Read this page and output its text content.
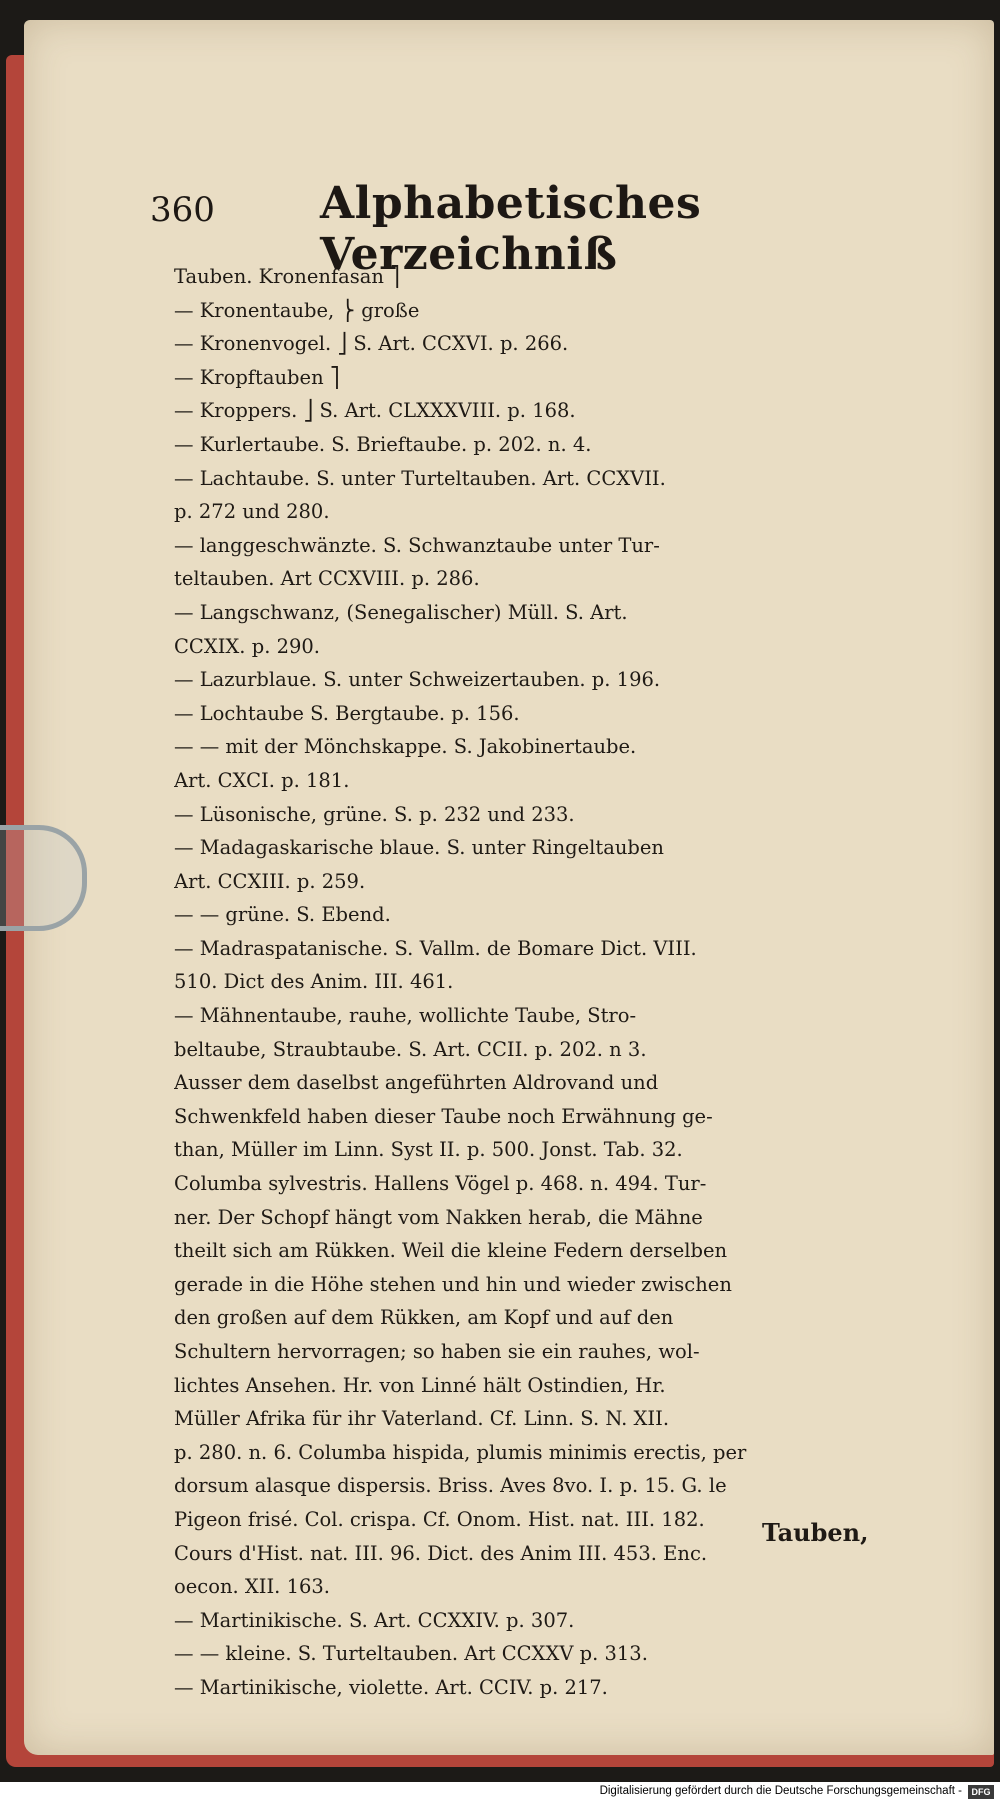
360 Alphabetisches Verzeichniß
Tauben. Kronenfasan ⎤
— Kronentaube, ⎬ große
— Kronenvogel. ⎦ S. Art. CCXVI. p. 266.
— Kropftauben ⎤
— Kroppers. ⎦ S. Art. CLXXXVIII. p. 168.
— Kurlertaube. S. Brieftaube. p. 202. n. 4.
— Lachtaube. S. unter Turteltauben. Art. CCXVII.
p. 272 und 280.
— langgeschwänzte. S. Schwanztaube unter Tur-
teltauben. Art CCXVIII. p. 286.
— Langschwanz, (Senegalischer) Müll. S. Art.
CCXIX. p. 290.
— Lazurblaue. S. unter Schweizertauben. p. 196.
— Lochtaube S. Bergtaube. p. 156.
— — mit der Mönchskappe. S. Jakobinertaube.
Art. CXCI. p. 181.
— Lüsonische, grüne. S. p. 232 und 233.
— Madagaskarische blaue. S. unter Ringeltauben
Art. CCXIII. p. 259.
— — grüne. S. Ebend.
— Madraspatanische. S. Vallm. de Bomare Dict. VIII.
510. Dict des Anim. III. 461.
— Mähnentaube, rauhe, wollichte Taube, Stro-
beltaube, Straubtaube. S. Art. CCII. p. 202. n 3.
Ausser dem daselbst angeführten Aldrovand und
Schwenkfeld haben dieser Taube noch Erwähnung ge-
than, Müller im Linn. Syst II. p. 500. Jonst. Tab. 32.
Columba sylvestris. Hallens Vögel p. 468. n. 494. Tur-
ner. Der Schopf hängt vom Nakken herab, die Mähne
theilt sich am Rükken. Weil die kleine Federn derselben
gerade in die Höhe stehen und hin und wieder zwischen
den großen auf dem Rükken, am Kopf und auf den
Schultern hervorragen; so haben sie ein rauhes, wol-
lichtes Ansehen. Hr. von Linné hält Ostindien, Hr.
Müller Afrika für ihr Vaterland. Cf. Linn. S. N. XII.
p. 280. n. 6. Columba hispida, plumis minimis erectis, per
dorsum alasque dispersis. Briss. Aves 8vo. I. p. 15. G. le
Pigeon frisé. Col. crispa. Cf. Onom. Hist. nat. III. 182.
Cours d'Hist. nat. III. 96. Dict. des Anim III. 453. Enc.
oecon. XII. 163.
— Martinikische. S. Art. CCXXIV. p. 307.
— — kleine. S. Turteltauben. Art CCXXV p. 313.
— Martinikische, violette. Art. CCIV. p. 217.
Tauben,
Digitalisierung gefördert durch die Deutsche Forschungsgemeinschaft -	DFG
